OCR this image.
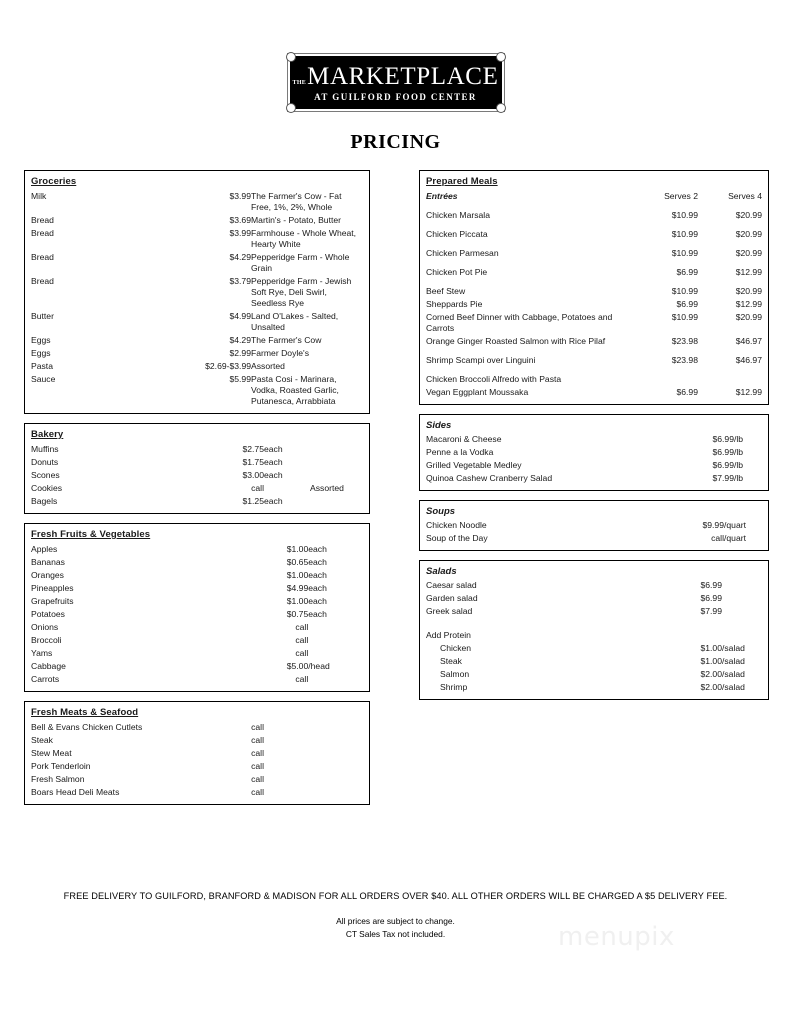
THE MARKETPLACE
AT GUILFORD FOOD CENTER
PRICING
Groceries
Milk	$3.99	The Farmer's Cow - Fat Free, 1%, 2%, Whole
Bread	$3.69	Martin's - Potato, Butter
Bread	$3.99	Farmhouse - Whole Wheat, Hearty White
Bread	$4.29	Pepperidge Farm - Whole Grain
Bread	$3.79	Pepperidge Farm - Jewish Soft Rye, Deli Swirl, Seedless Rye
Butter	$4.99	Land O'Lakes - Salted, Unsalted
Eggs	$4.29	The Farmer's Cow
Eggs	$2.99	Farmer Doyle's
Pasta	$2.69-$3.99	Assorted
Sauce	$5.99	Pasta Cosi - Marinara, Vodka, Roasted Garlic, Putanesca, Arrabbiata
Bakery
Muffins	$2.75	each	
Donuts	$1.75	each	
Scones	$3.00	each	
Cookies	call		Assorted
Bagels	$1.25	each	
Fresh Fruits & Vegetables
Apples	$1.00	each
Bananas	$0.65	each
Oranges	$1.00	each
Pineapples	$4.99	each
Grapefruits	$1.00	each
Potatoes	$0.75	each
Onions	call	
Broccoli	call	
Yams	call	
Cabbage	$5.00	/head
Carrots	call	
Fresh Meats & Seafood
Bell & Evans Chicken Cutlets	call	
Steak	call	
Stew Meat	call	
Pork Tenderloin	call	
Fresh Salmon	call	
Boars Head Deli Meats	call	
Prepared Meals
Entrées	Serves 2	Serves 4
Chicken Marsala	$10.99	$20.99
Chicken Piccata	$10.99	$20.99
Chicken Parmesan	$10.99	$20.99
Chicken Pot Pie	$6.99	$12.99
Beef Stew	$10.99	$20.99
Sheppards Pie	$6.99	$12.99
Corned Beef Dinner with Cabbage, Potatoes and Carrots	$10.99	$20.99
Orange Ginger Roasted Salmon with Rice Pilaf	$23.98	$46.97
Shrimp Scampi over Linguini	$23.98	$46.97
Chicken Broccoli Alfredo with Pasta		
Vegan Eggplant Moussaka	$6.99	$12.99
Sides
Macaroni & Cheese	$6.99	/lb
Penne a la Vodka	$6.99	/lb
Grilled Vegetable Medley	$6.99	/lb
Quinoa Cashew Cranberry Salad	$7.99	/lb
Soups
Chicken Noodle	$9.99	/quart
Soup of the Day	call	/quart
Salads
Caesar salad	$6.99	
Garden salad	$6.99	
Greek salad	$7.99	

Add Protein		
Chicken	$1.00	/salad
Steak	$1.00	/salad
Salmon	$2.00	/salad
Shrimp	$2.00	/salad
FREE DELIVERY TO GUILFORD, BRANFORD & MADISON FOR ALL ORDERS OVER $40. ALL OTHER ORDERS WILL BE CHARGED A $5 DELIVERY FEE.
All prices are subject to change.
CT Sales Tax not included.	menupix
